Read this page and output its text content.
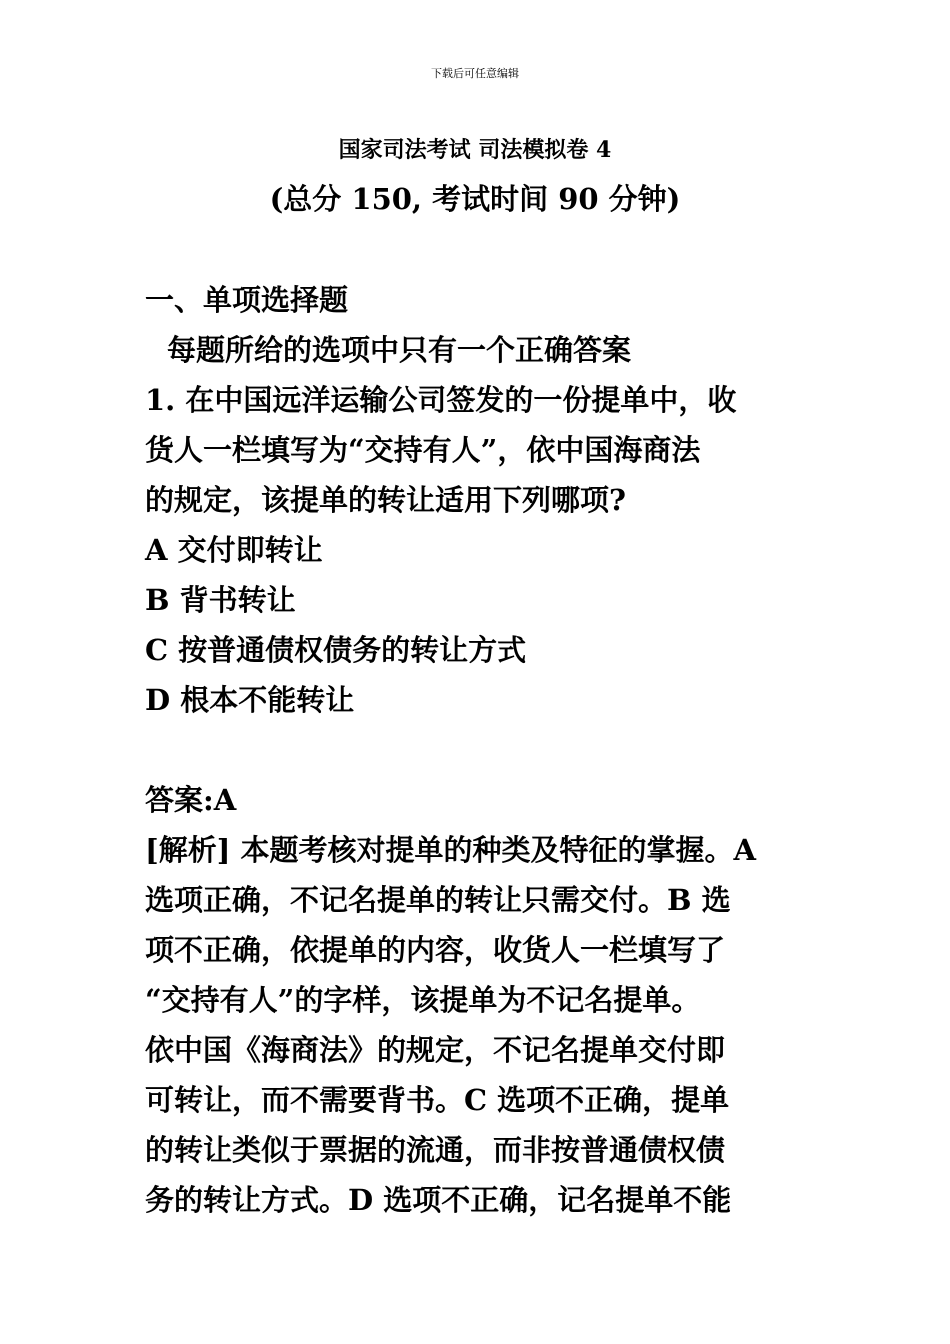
下载后可任意编辑
国家司法考试 司法模拟卷 4
(总分 150, 考试时间 90 分钟)
一、单项选择题
每题所给的选项中只有一个正确答案
1. 在中国远洋运输公司签发的一份提单中，收
货人一栏填写为“交持有人”，依中国海商法
的规定，该提单的转让适用下列哪项?
A 交付即转让
B 背书转让
C 按普通债权债务的转让方式
D 根本不能转让
答案:A
[解析] 本题考核对提单的种类及特征的掌握。A
选项正确，不记名提单的转让只需交付。B 选
项不正确，依提单的内容，收货人一栏填写了
“交持有人”的字样，该提单为不记名提单。
依中国《海商法》的规定，不记名提单交付即
可转让，而不需要背书。C 选项不正确，提单
的转让类似于票据的流通，而非按普通债权债
务的转让方式。D 选项不正确，记名提单不能
